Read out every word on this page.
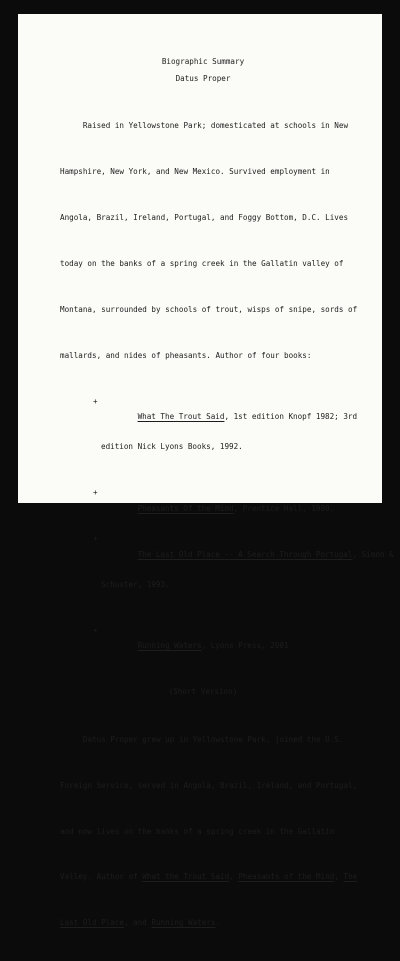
Biographic Summary

Datus Proper

Raised in Yellowstone Park; domesticated at schools in New

Hampshire, New York, and New Mexico. Survived employment in

Angola, Brazil, Ireland, Portugal, and Foggy Bottom, D.C. Lives

today on the banks of a spring creek in the Gallatin valley of

Montana, surrounded by schools of trout, wisps of snipe, sords of

mallards, and nides of pheasants. Author of four books:

+
What The Trout Said, 1st edition Knopf 1982; 3rd

edition Nick Lyons Books, 1992.

+
Pheasants Of the Mind, Prentice Hall, 1990.

+
The Last Old Place -- A Search Through Portugal, Simon &

Schuster, 1993.

+
Running Waters, Lyons Press, 2001

(Short Version)

Datus Proper grew up in Yellowstone Park, joined the U.S.

Foreign Service, served in Angola, Brazil, Ireland, and Portugal,

and now lives on the banks of a spring creek in the Gallatin

Valley. Author of What the Trout Said, Pheasants of the Mind, The

Last Old Place, and Running Waters.
